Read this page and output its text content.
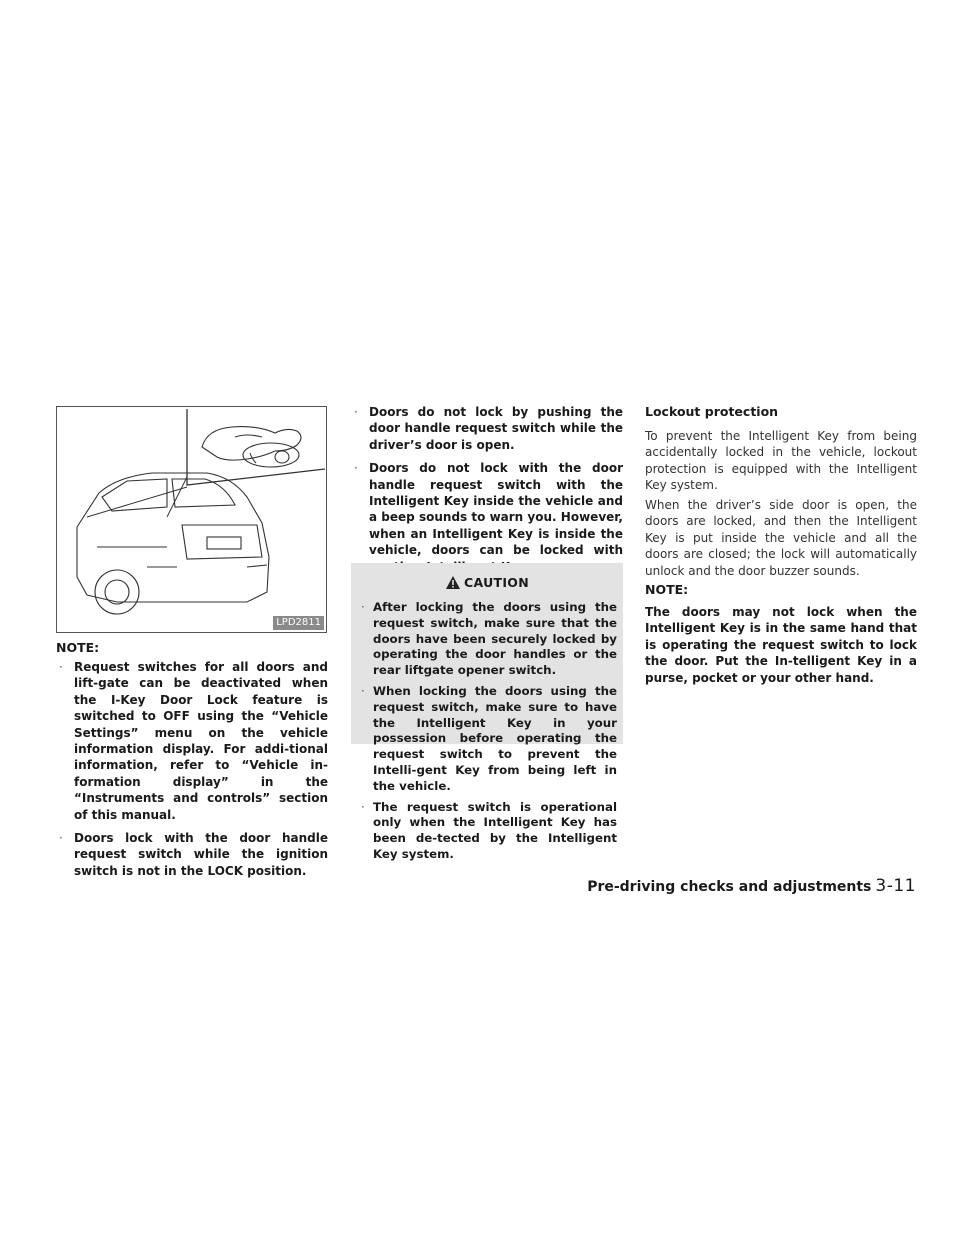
LPD2811
NOTE:
· Request switches for all doors and lift-gate can be deactivated when the I-Key Door Lock feature is switched to OFF using the “Vehicle Settings” menu on the vehicle information display. For addi-tional information, refer to “Vehicle in-formation display” in the “Instruments and controls” section of this manual.
· Doors lock with the door handle request switch while the ignition switch is not in the LOCK position.
· Doors do not lock by pushing the door handle request switch while the driver’s door is open.
· Doors do not lock with the door handle request switch with the Intelligent Key inside the vehicle and a beep sounds to warn you. However, when an Intelligent Key is inside the vehicle, doors can be locked with
CAUTION
· After locking the doors using the request switch, make sure that the doors have been securely locked by operating the door handles or the rear liftgate opener switch.
· When locking the doors using the request switch, make sure to have the Intelligent Key in your possession before operating the request switch to prevent the Intelli-gent Key from being left in the vehicle.
· The request switch is operational only when the Intelligent Key has been de-tected by the Intelligent Key system.
Lockout protection

To prevent the Intelligent Key from being accidentally locked in the vehicle, lockout protection is equipped with the Intelligent Key system.

When the driver’s side door is open, the doors are locked, and then the Intelligent Key is put inside the vehicle and all the doors are closed; the lock will automatically unlock and the door buzzer sounds.

NOTE:

The doors may not lock when the Intelligent Key is in the same hand that is operating the request switch to lock the door. Put the In-telligent Key in a purse, pocket or your other hand.

Pre-driving checks and adjustments 3-11
